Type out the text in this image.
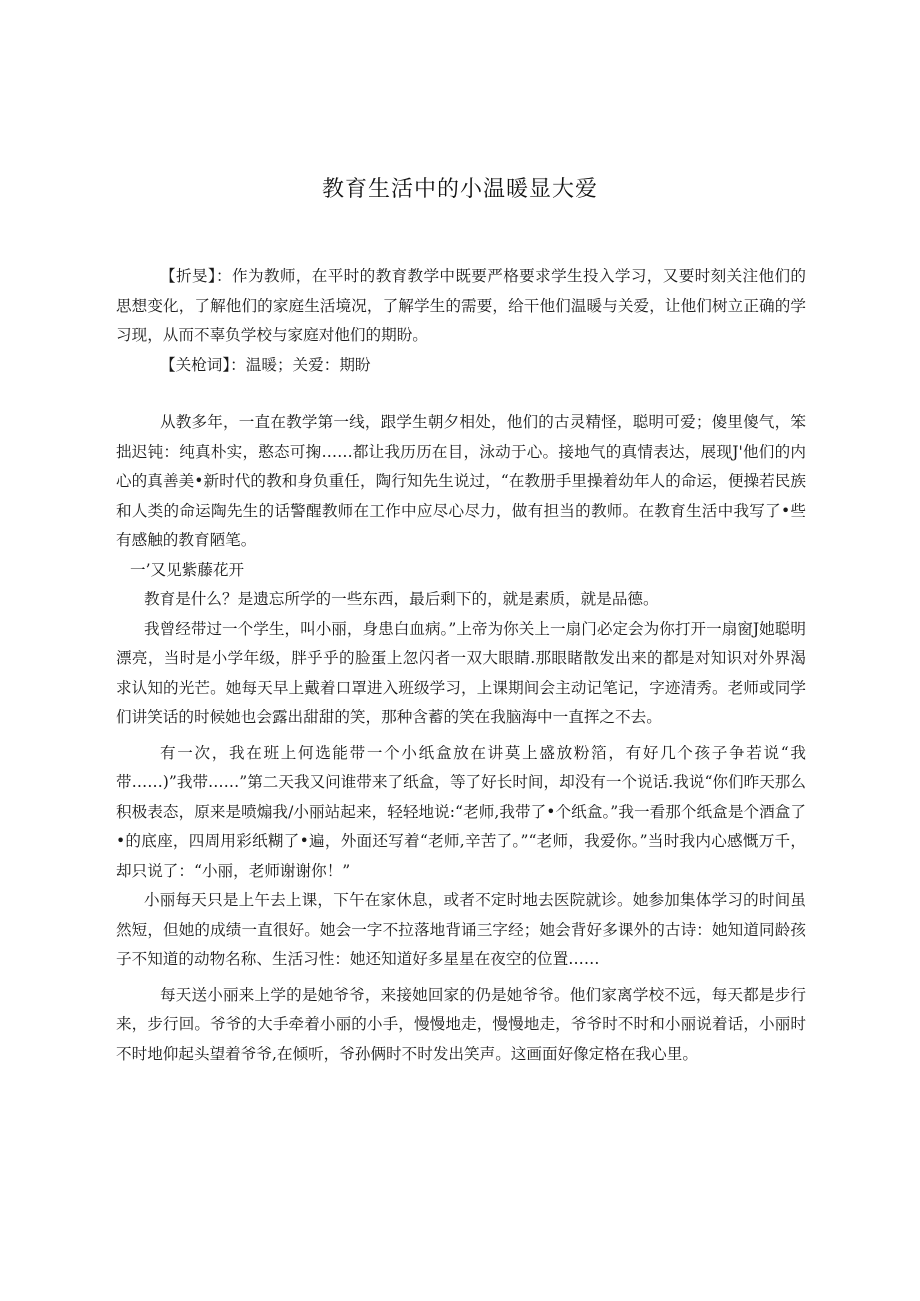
教育生活中的小温暖显大爱

【折旻】：作为教师，在平时的教育教学中既要严格要求学生投入学习，又要时刻关注他们的思想变化，了解他们的家庭生活境况，了解学生的需要，给干他们温暖与关爱，让他们树立正确的学习现，从而不辜负学校与家庭对他们的期盼。

【关枪词】：温暖；关爱：期盼

从教多年，一直在教学第一线，跟学生朝夕相处，他们的古灵精怪，聪明可爱；傻里傻气，笨拙迟钝：纯真朴实，憨态可掬……都让我历历在目，泳动于心。接地气的真情表达，展现J'他们的内心的真善美•新时代的教和身负重任，陶行知先生说过，“在教册手里操着幼年人的命运，便操若民族和人类的命运陶先生的话警醒教师在工作中应尽心尽力，做有担当的教师。在教育生活中我写了•些有感触的教育陋笔。

一’又见紫藤花开

教育是什么？是遗忘所学的一些东西，最后剩下的，就是素质，就是品德。

我曾经带过一个学生，叫小丽，身患白血病。”上帝为你关上一扇门必定会为你打开一扇窗J她聪明漂亮，当时是小学年级，胖乎乎的脸蛋上忽闪者一双大眼睛.那眼睹散发出来的都是对知识对外界渴求认知的光芒。她每天早上戴着口罩进入班级学习，上课期间会主动记笔记，字迹清秀。老师或同学们讲笑话的时候她也会露出甜甜的笑，那种含蓄的笑在我脑海中一直挥之不去。

有一次，我在班上何选能带一个小纸盒放在讲莫上盛放粉箔，有好几个孩子争若说“我带……)”我带……”第二天我又问谁带来了纸盒，等了好长时间，却没有一个说话.我说“你们昨天那么积极表态，原来是喷煽我/小丽站起来，轻轻地说:“老师,我带了•个纸盒。”我一看那个纸盒是个酒盒了•的底座，四周用彩纸糊了•遍，外面还写着“老师,辛苦了。”“老师，我爱你。”当时我内心感慨万千，却只说了：“小丽，老师谢谢你！”

小丽每天只是上午去上课，下午在家休息，或者不定时地去医院就诊。她参加集体学习的时间虽然短，但她的成绩一直很好。她会一字不拉落地背诵三字经；她会背好多课外的古诗：她知道同龄孩子不知道的动物名称、生活习性：她还知道好多星星在夜空的位置……

每天送小丽来上学的是她爷爷，来接她回家的仍是她爷爷。他们家离学校不远，每天都是步行来，步行回。爷爷的大手牵着小丽的小手，慢慢地走，慢慢地走，爷爷时不时和小丽说着话，小丽时不时地仰起头望着爷爷,在倾听，爷孙俩时不时发出笑声。这画面好像定格在我心里。
